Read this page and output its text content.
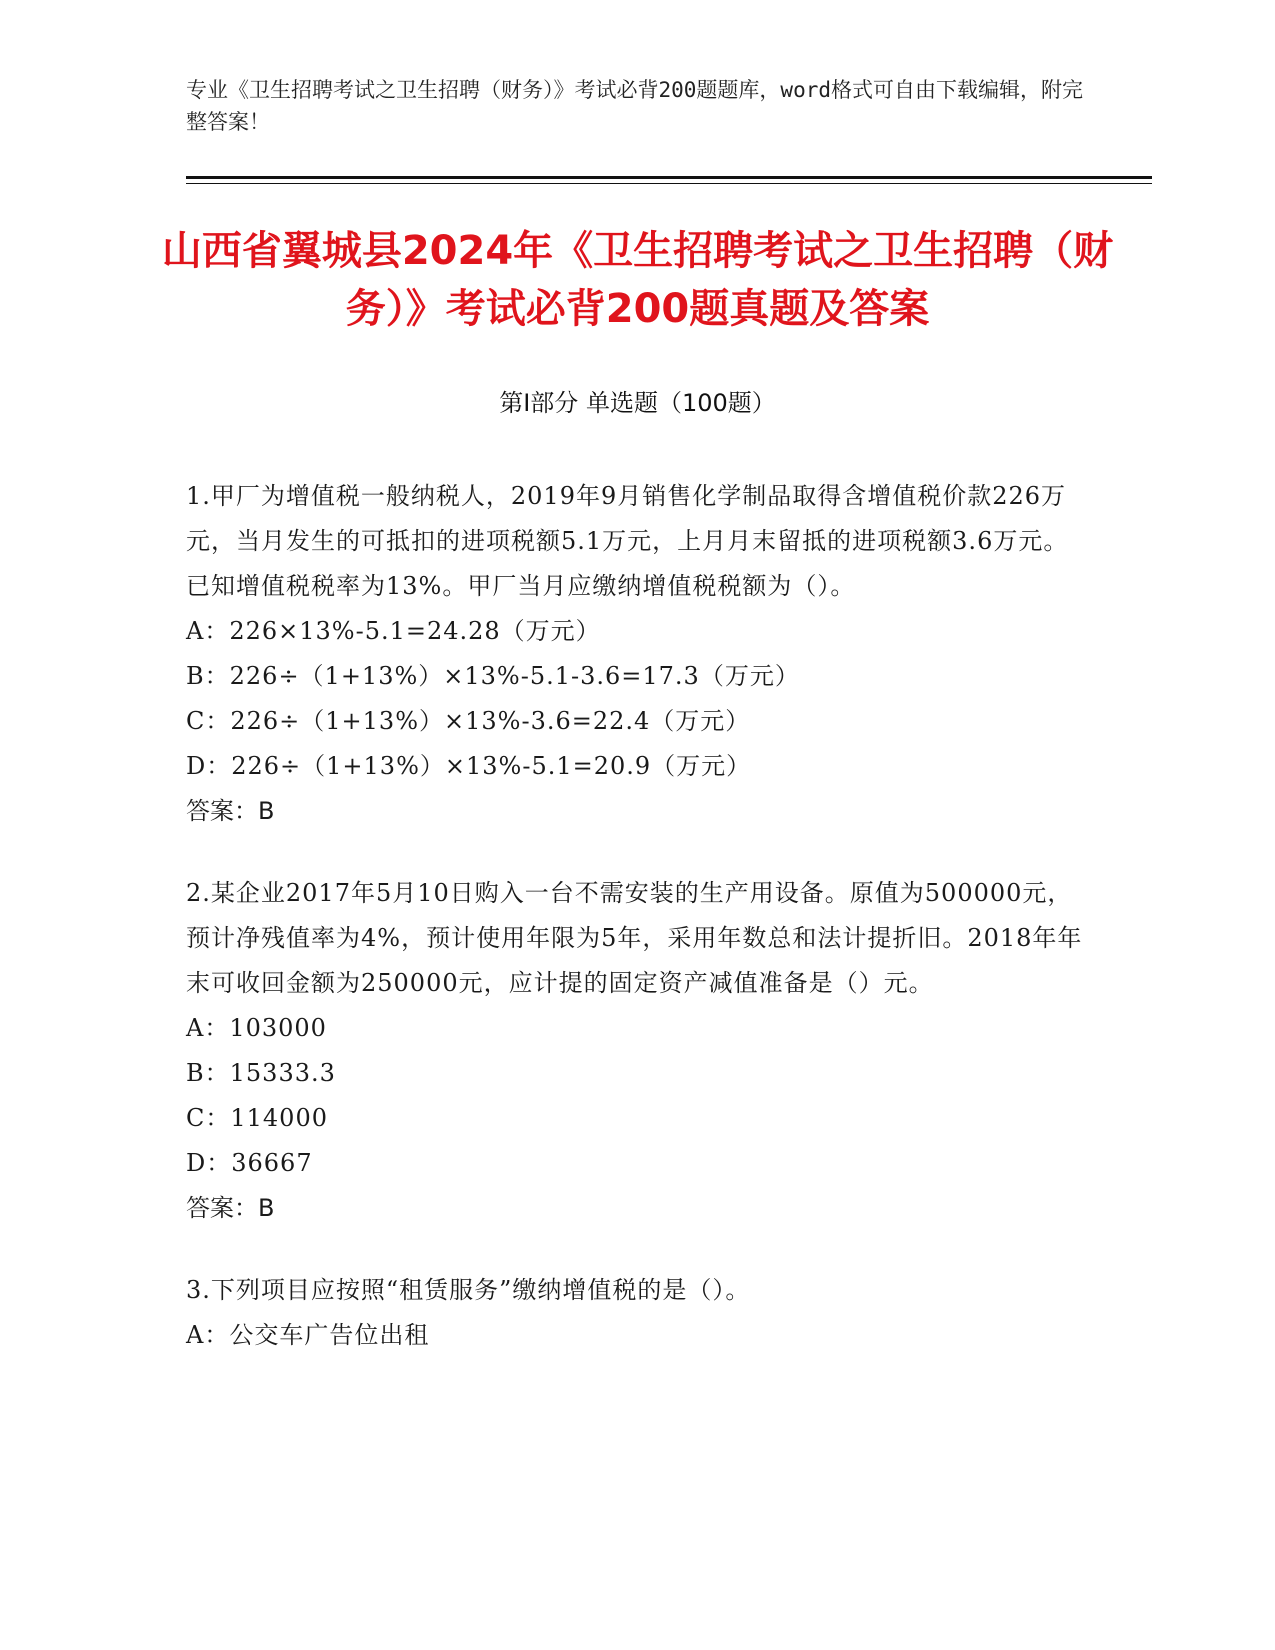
专业《卫生招聘考试之卫生招聘（财务）》考试必背200题题库，word格式可自由下载编辑，附完整答案！
山西省翼城县2024年《卫生招聘考试之卫生招聘（财务）》考试必背200题真题及答案
第I部分 单选题（100题）

1.甲厂为增值税一般纳税人，2019年9月销售化学制品取得含增值税价款226万元，当月发生的可抵扣的进项税额5.1万元，上月月末留抵的进项税额3.6万元。已知增值税税率为13%。甲厂当月应缴纳增值税税额为（）。

A：226×13%-5.1=24.28（万元）

B：226÷（1+13%）×13%-5.1-3.6=17.3（万元）

C：226÷（1+13%）×13%-3.6=22.4（万元）

D：226÷（1+13%）×13%-5.1=20.9（万元）

答案：B

2.某企业2017年5月10日购入一台不需安装的生产用设备。原值为500000元，预计净残值率为4%，预计使用年限为5年，采用年数总和法计提折旧。2018年年末可收回金额为250000元，应计提的固定资产减值准备是（）元。

A：103000

B：15333.3

C：114000

D：36667

答案：B

3.下列项目应按照“租赁服务”缴纳增值税的是（）。

A：公交车广告位出租
